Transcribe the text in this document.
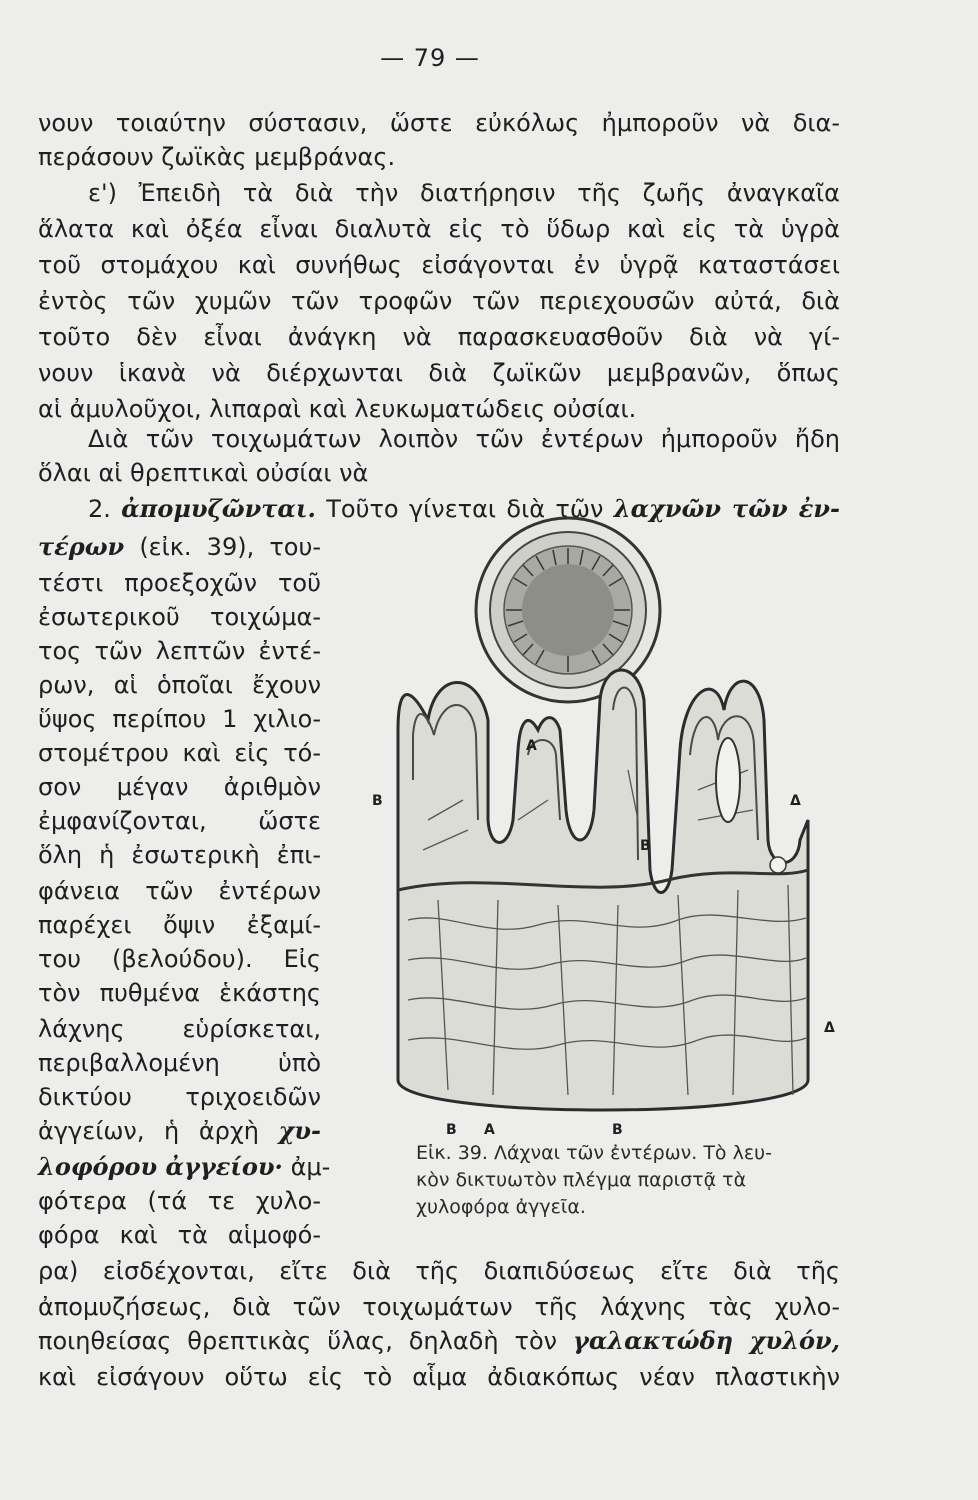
— 79 —
νουν τοιαύτην σύστασιν, ὥστε εὐκόλως ἠμποροῦν νὰ δια-
περάσουν ζωϊκὰς μεμβράνας.
ε') Ἐπειδὴ τὰ διὰ τὴν διατήρησιν τῆς ζωῆς ἀναγκαῖα
ἅλατα καὶ ὀξέα εἶναι διαλυτὰ εἰς τὸ ὕδωρ καὶ εἰς τὰ ὑγρὰ
τοῦ στομάχου καὶ συνήθως εἰσάγονται ἐν ὑγρᾷ καταστάσει
ἐντὸς τῶν χυμῶν τῶν τροφῶν τῶν περιεχουσῶν αὐτά, διὰ
τοῦτο δὲν εἶναι ἀνάγκη νὰ παρασκευασθοῦν διὰ νὰ γί-
νουν ἱκανὰ νὰ διέρχωνται διὰ ζωϊκῶν μεμβρανῶν, ὅπως
αἱ ἀμυλοῦχοι, λιπαραὶ καὶ λευκωματώδεις οὐσίαι.
Διὰ τῶν τοιχωμάτων λοιπὸν τῶν ἐντέρων ἠμποροῦν ἤδη
ὅλαι αἱ θρεπτικαὶ οὐσίαι νὰ
2. ἀπομυζῶνται. Τοῦτο γίνεται διὰ τῶν λαχνῶν τῶν ἐν-
τέρων (εἰκ. 39), του-
τέστι προεξοχῶν τοῦ
ἐσωτερικοῦ τοιχώμα-
τος τῶν λεπτῶν ἐντέ-
ρων, αἱ ὁποῖαι ἔχουν
ὕψος περίπου 1 χιλιο-
στομέτρου καὶ εἰς τό-
σον μέγαν ἀριθμὸν
ἐμφανίζονται, ὥστε
ὅλη ἡ ἐσωτερικὴ ἐπι-
φάνεια τῶν ἐντέρων
παρέχει ὄψιν ἐξαμί-
του (βελούδου). Εἰς
τὸν πυθμένα ἑκάστης
λάχνης εὑρίσκεται,
περιβαλλομένη ὑπὸ
δικτύου τριχοειδῶν
ἀγγείων, ἡ ἀρχὴ χυ-
λοφόρου ἀγγείου· ἀμ-
φότερα (τά τε χυλο-
φόρα καὶ τὰ αἱμοφό-
A
B	Δ
B
B A	B
Δ
Εἰκ. 39. Λάχναι τῶν ἐντέρων. Τὸ λευ-
κὸν δικτυωτὸν πλέγμα παριστᾷ τὰ
χυλοφόρα ἀγγεῖα.
ρα) εἰσδέχονται, εἴτε διὰ τῆς διαπιδύσεως εἴτε διὰ τῆς
ἀπομυζήσεως, διὰ τῶν τοιχωμάτων τῆς λάχνης τὰς χυλο-
ποιηθείσας θρεπτικὰς ὕλας, δηλαδὴ τὸν γαλακτώδη χυλόν,
καὶ εἰσάγουν οὕτω εἰς τὸ αἷμα ἀδιακόπως νέαν πλαστικὴν
